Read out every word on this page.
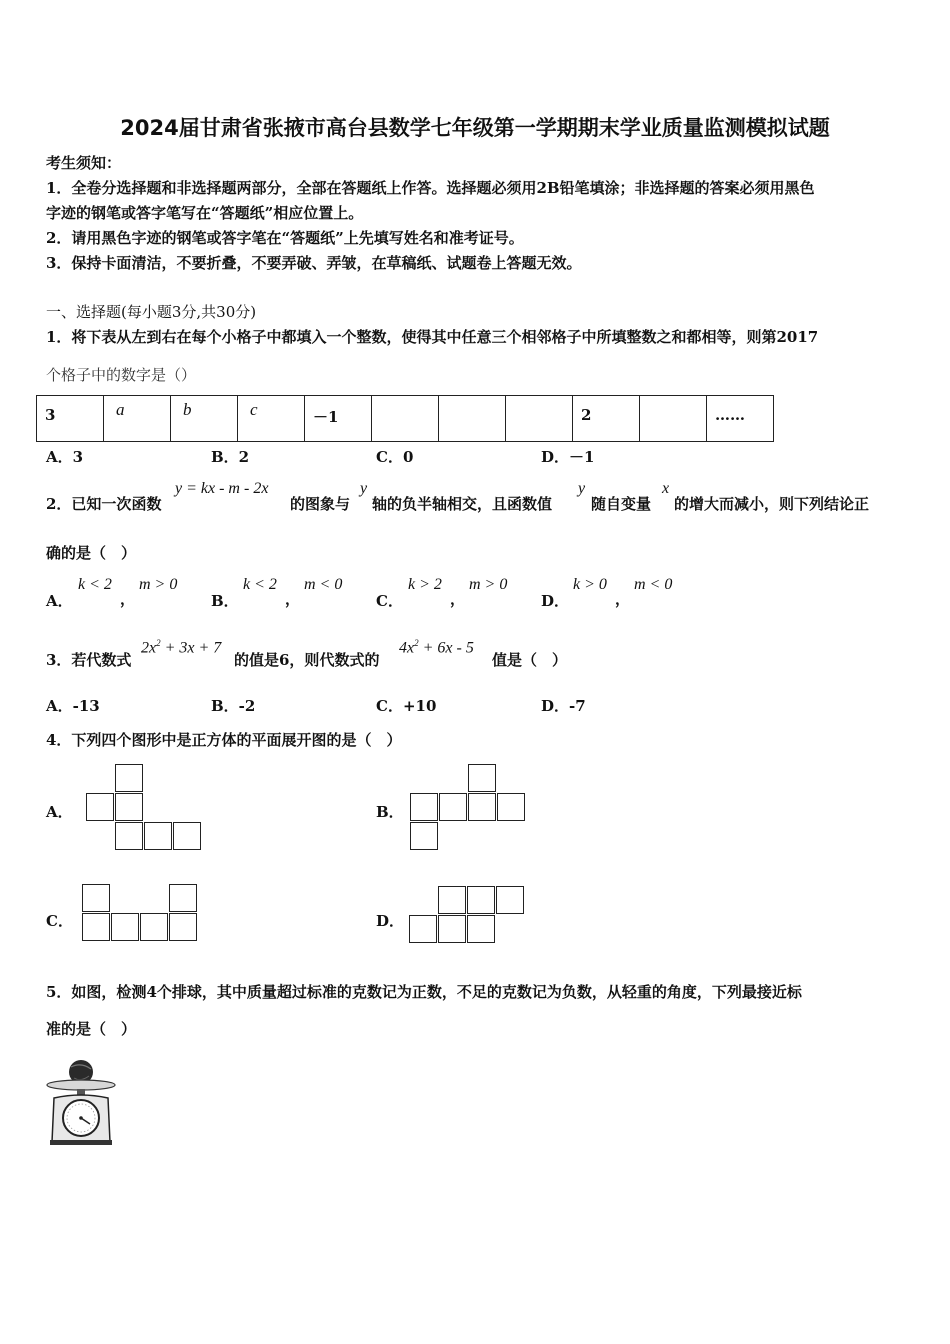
2024届甘肃省张掖市高台县数学七年级第一学期期末学业质量监测模拟试题
考生须知：
1．全卷分选择题和非选择题两部分，全部在答题纸上作答。选择题必须用2B铅笔填涂；非选择题的答案必须用黑色
字迹的钢笔或答字笔写在“答题纸”相应位置上。
2．请用黑色字迹的钢笔或答字笔在“答题纸”上先填写姓名和准考证号。
3．保持卡面清洁，不要折叠，不要弄破、弄皱，在草稿纸、试题卷上答题无效。
一、选择题(每小题3分,共30分)
1．将下表从左到右在每个小格子中都填入一个整数，使得其中任意三个相邻格子中所填整数之和都相等，则第2017
个格子中的数字是（）
3	a	b	c	－1				2		……
A．3	B．2	C．0	D．－1
2．已知一次函数
y = kx - m - 2x
的图象与
y
轴的负半轴相交，且函数值
y
随自变量
x
的增大而减小，则下列结论正
确的是（　）
A．
k < 2
，
m > 0
B．
k < 2
，
m < 0
C．
k > 2
，
m > 0
D．
k > 0
，
m < 0
3．若代数式
$2x^2 + 3x + 7$
的值是6，则代数式的
$4x^2 + 6x - 5$
值是（　）
A．-13	B．-2	C．+10	D．-7
4．下列四个图形中是正方体的平面展开图的是（　）
A．	B．
C．	D．
5．如图，检测4个排球，其中质量超过标准的克数记为正数，不足的克数记为负数，从轻重的角度，下列最接近标
准的是（　）
